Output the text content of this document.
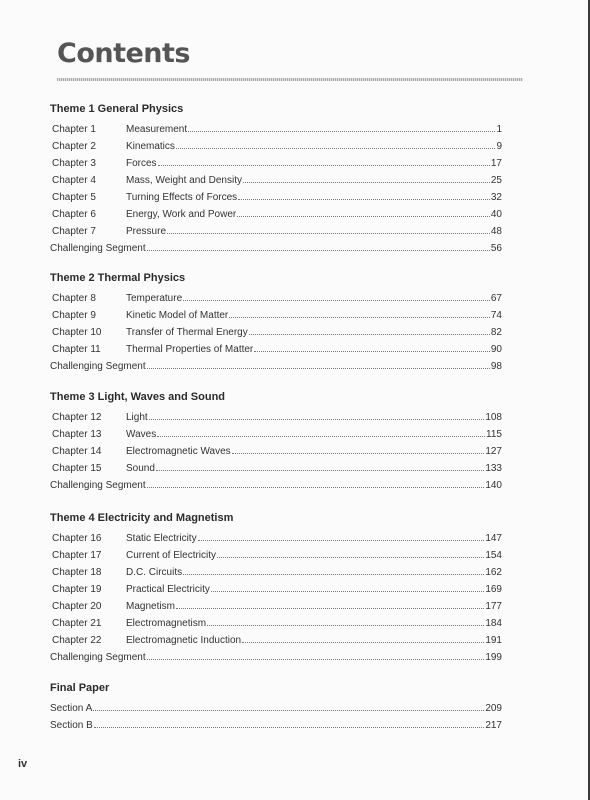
Contents
Theme 1 General Physics
Chapter 1	Measurement	1
Chapter 2	Kinematics	9
Chapter 3	Forces	17
Chapter 4	Mass, Weight and Density	25
Chapter 5	Turning Effects of Forces	32
Chapter 6	Energy, Work and Power	40
Chapter 7	Pressure	48
Challenging Segment	56
Theme 2 Thermal Physics
Chapter 8	Temperature	67
Chapter 9	Kinetic Model of Matter	74
Chapter 10	Transfer of Thermal Energy	82
Chapter 11	Thermal Properties of Matter	90
Challenging Segment	98
Theme 3 Light, Waves and Sound
Chapter 12	Light	108
Chapter 13	Waves	115
Chapter 14	Electromagnetic Waves	127
Chapter 15	Sound	133
Challenging Segment	140
Theme 4 Electricity and Magnetism
Chapter 16	Static Electricity	147
Chapter 17	Current of Electricity	154
Chapter 18	D.C. Circuits	162
Chapter 19	Practical Electricity	169
Chapter 20	Magnetism	177
Chapter 21	Electromagnetism	184
Chapter 22	Electromagnetic Induction	191
Challenging Segment	199
Final Paper
Section A	209
Section B	217
iv
